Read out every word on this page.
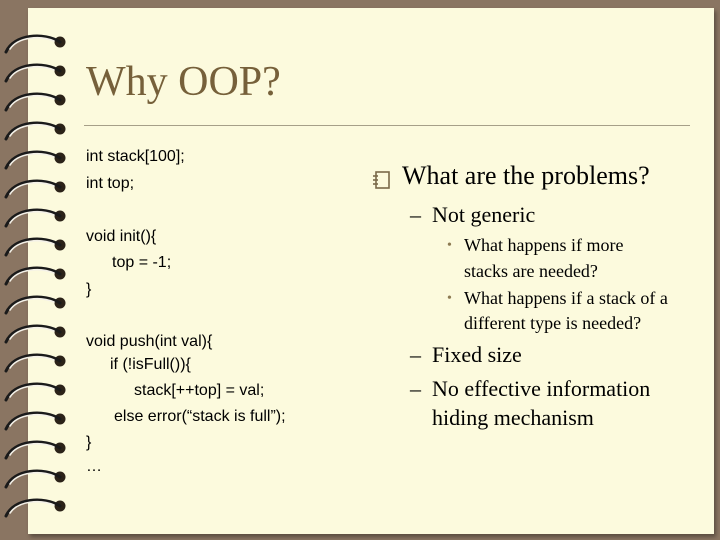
Why OOP?
int stack[100];
int top;
void init(){
top = -1;
}
void push(int val){
if (!isFull()){
stack[++top] = val;
else error(“stack is full”);
}
…
What are the problems?
– Not generic
• What happens if more
stacks are needed?
• What happens if a stack of a
different type is needed?
– Fixed size
– No effective information
hiding mechanism
